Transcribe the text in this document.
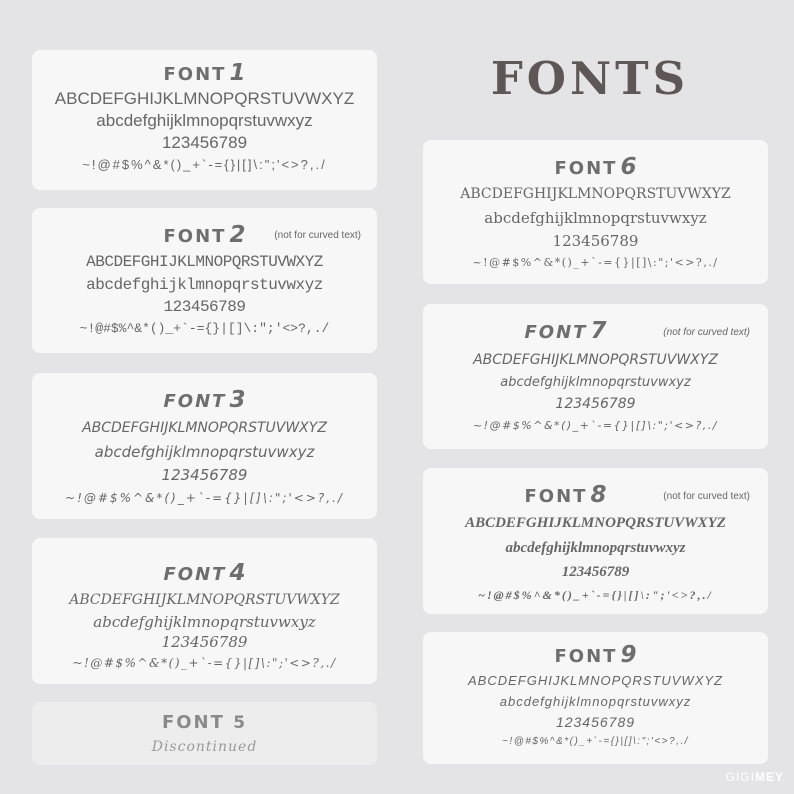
FONTS
FONT 1
ABCDEFGHIJKLMNOPQRSTUVWXYZ
abcdefghijklmnopqrstuvwxyz
123456789
~!@#$%^&*()_+`-={}|[]\:";'<>?,./
FONT 2	(not for curved text)
ABCDEFGHIJKLMNOPQRSTUVWXYZ
abcdefghijklmnopqrstuvwxyz
123456789
~!@#$%^&*()_+`-={}|[]\:";'<>?,./
FONT 3
ABCDEFGHIJKLMNOPQRSTUVWXYZ
abcdefghijklmnopqrstuvwxyz
123456789
~!@#$%^&*()_+`-={}|[]\:";'<>?,./
FONT 4
ABCDEFGHIJKLMNOPQRSTUVWXYZ
abcdefghijklmnopqrstuvwxyz
123456789
~!@#$%^&*()_+`-={}|[]\:";'<>?,./
FONT 5
Discontinued
FONT 6
ABCDEFGHIJKLMNOPQRSTUVWXYZ
abcdefghijklmnopqrstuvwxyz
123456789
~!@#$%^&*()_+`-={}|[]\:";'<>?,./
FONT 7	(not for curved text)
ABCDEFGHIJKLMNOPQRSTUVWXYZ
abcdefghijklmnopqrstuvwxyz
123456789
~!@#$%^&*()_+`-={}|[]\:";'<>?,./
FONT 8	(not for curved text)
ABCDEFGHIJKLMNOPQRSTUVWXYZ
abcdefghijklmnopqrstuvwxyz
123456789
~!@#$%^&*()_+`-={}|[]\:";'<>?,./
FONT 9
ABCDEFGHIJKLMNOPQRSTUVWXYZ
abcdefghijklmnopqrstuvwxyz
123456789
~!@#$%^&*()_+`-={}|[]\:";'<>?,./
GIGIMEY
